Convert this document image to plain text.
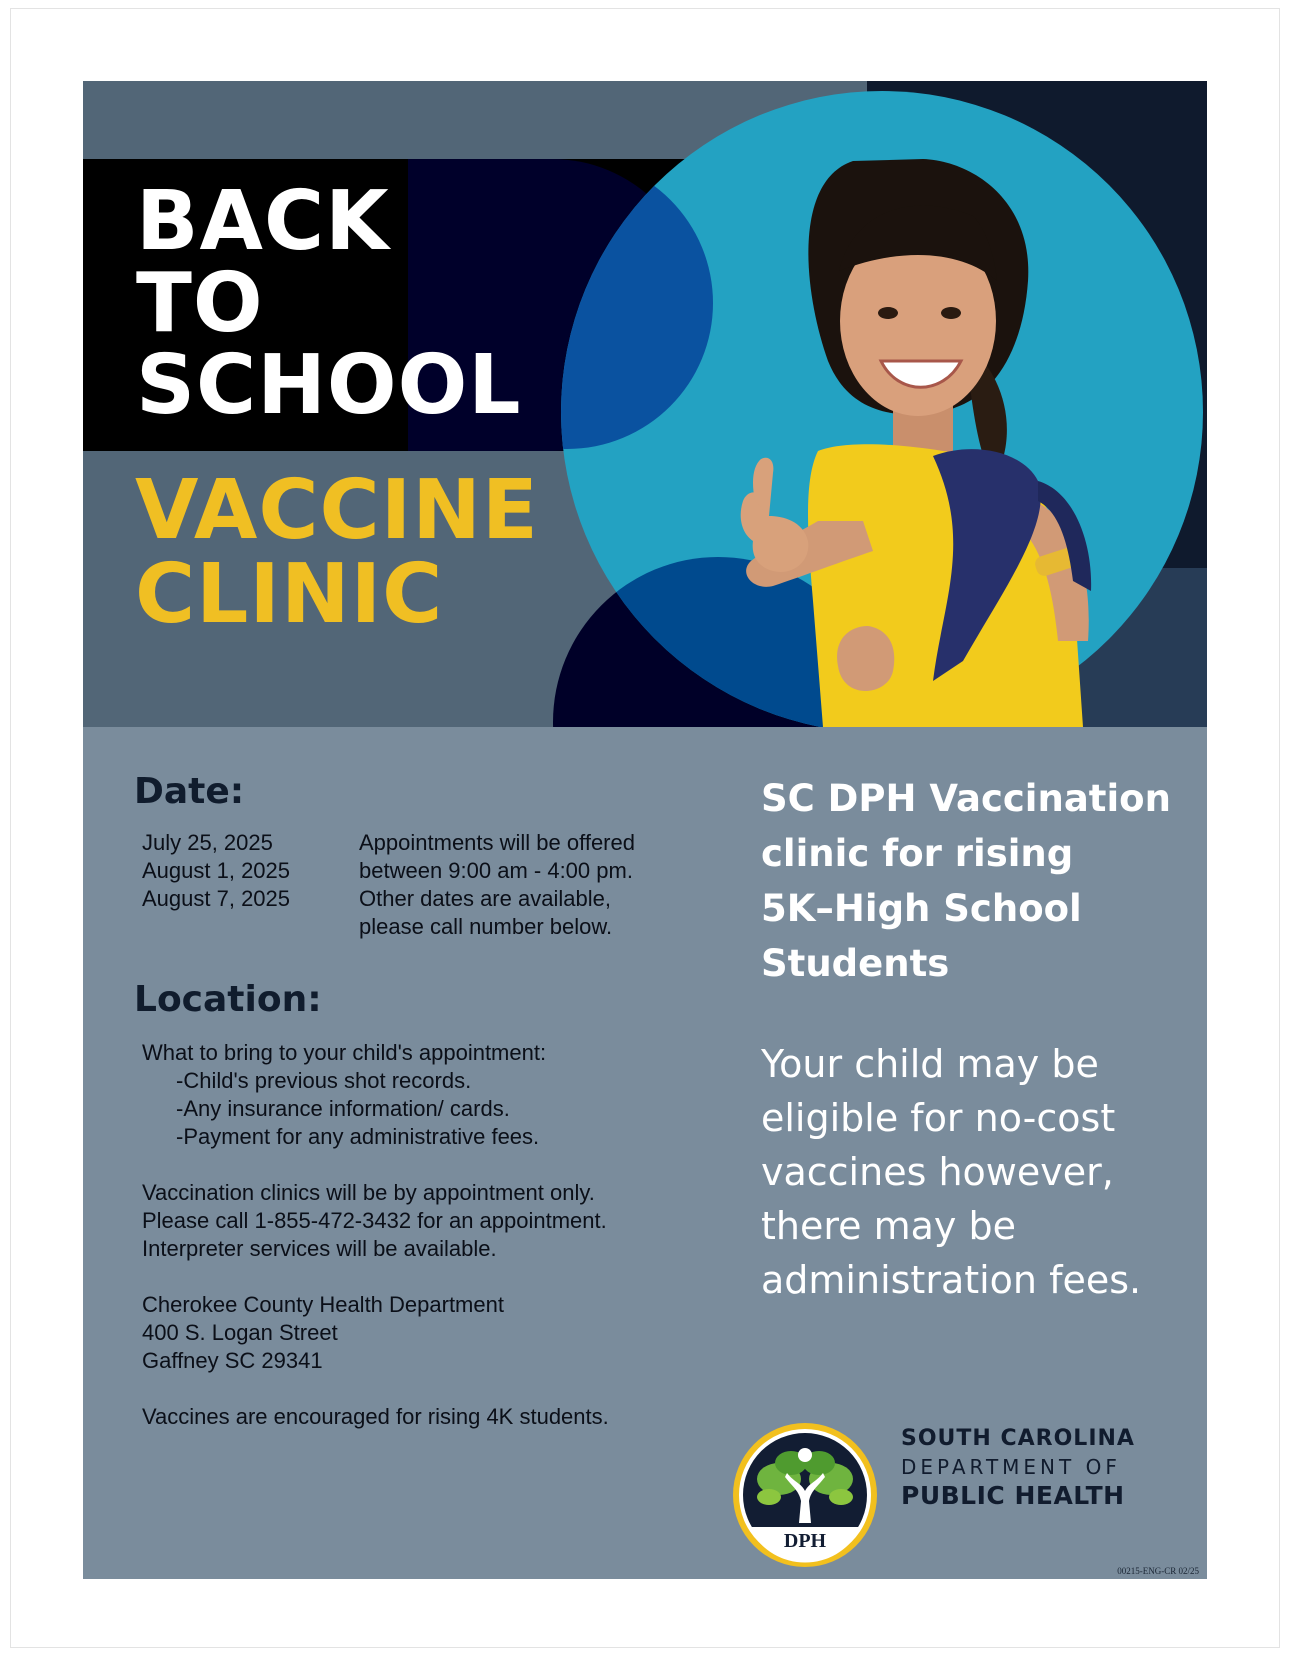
BACK
TO
SCHOOL
VACCINE
CLINIC
Date:
July 25, 2025
August 1, 2025
August 7, 2025
Appointments will be offered
between 9:00 am - 4:00 pm.
Other dates are available,
please call number below.
Location:
What to bring to your child's appointment:
-Child's previous shot records.
-Any insurance information/ cards.
-Payment for any administrative fees.
Vaccination clinics will be by appointment only.
Please call 1-855-472-3432 for an appointment.
Interpreter services will be available.
Cherokee County Health Department
400 S. Logan Street
Gaffney SC 29341
Vaccines are encouraged for rising 4K students.
SC DPH Vaccination
clinic for rising
5K–High School
Students

Your child may be
eligible for no-cost
vaccines however,
there may be
administration fees.

DPH
SOUTH CAROLINA
DEPARTMENT OF
PUBLIC HEALTH
00215-ENG-CR 02/25
